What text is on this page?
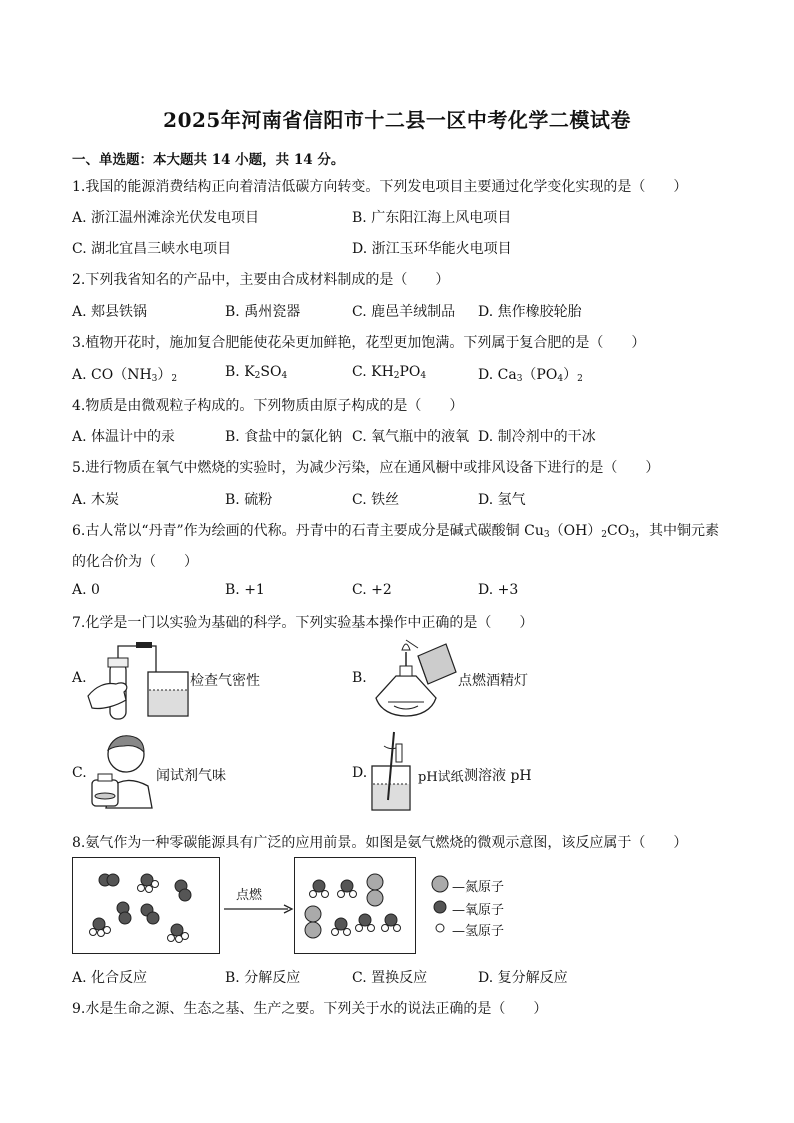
2025年河南省信阳市十二县一区中考化学二模试卷
一、单选题：本大题共 14 小题，共 14 分。
1.我国的能源消费结构正向着清洁低碳方向转变。下列发电项目主要通过化学变化实现的是（　　）
A. 浙江温州滩涂光伏发电项目	B. 广东阳江海上风电项目
C. 湖北宜昌三峡水电项目	D. 浙江玉环华能火电项目
2.下列我省知名的产品中，主要由合成材料制成的是（　　）
A. 郏县铁锅	B. 禹州瓷器	C. 鹿邑羊绒制品 D. 焦作橡胶轮胎
3.植物开花时，施加复合肥能使花朵更加鲜艳，花型更加饱满。下列属于复合肥的是（　　）
A. $CO(NH_3)_2$	B. $K_2SO_4$	C. $KH_2PO_4$	D. $Ca_3(PO_4)_2$
4.物质是由微观粒子构成的。下列物质由原子构成的是（　　）
A. 体温计中的汞	B. 食盐中的氯化钠 C. 氧气瓶中的液氧 D. 制冷剂中的干冰
5.进行物质在氧气中燃烧的实验时，为减少污染，应在通风橱中或排风设备下进行的是（　　）
A. 木炭	B. 硫粉	C. 铁丝	D. 氢气
6.古人常以“丹青”作为绘画的代称。丹青中的石青主要成分是碱式碳酸铜 $Cu_3(OH)_2CO_3$，其中铜元素
的化合价为（　　）
A. 0	B. +1	C. +2	D. +3
7.化学是一门以实验为基础的科学。下列实验基本操作中正确的是（　　）
A.	检查气密性	B.	点燃酒精灯
C.	闻试剂气味	D.	pH试纸 测溶液 pH
8.氨气作为一种零碳能源具有广泛的应用前景。如图是氨气燃烧的微观示意图，该反应属于（　　）
点燃
—氮原子
—氧原子
—氢原子
A. 化合反应	B. 分解反应	C. 置换反应	D. 复分解反应
9.水是生命之源、生态之基、生产之要。下列关于水的说法正确的是（　　）
